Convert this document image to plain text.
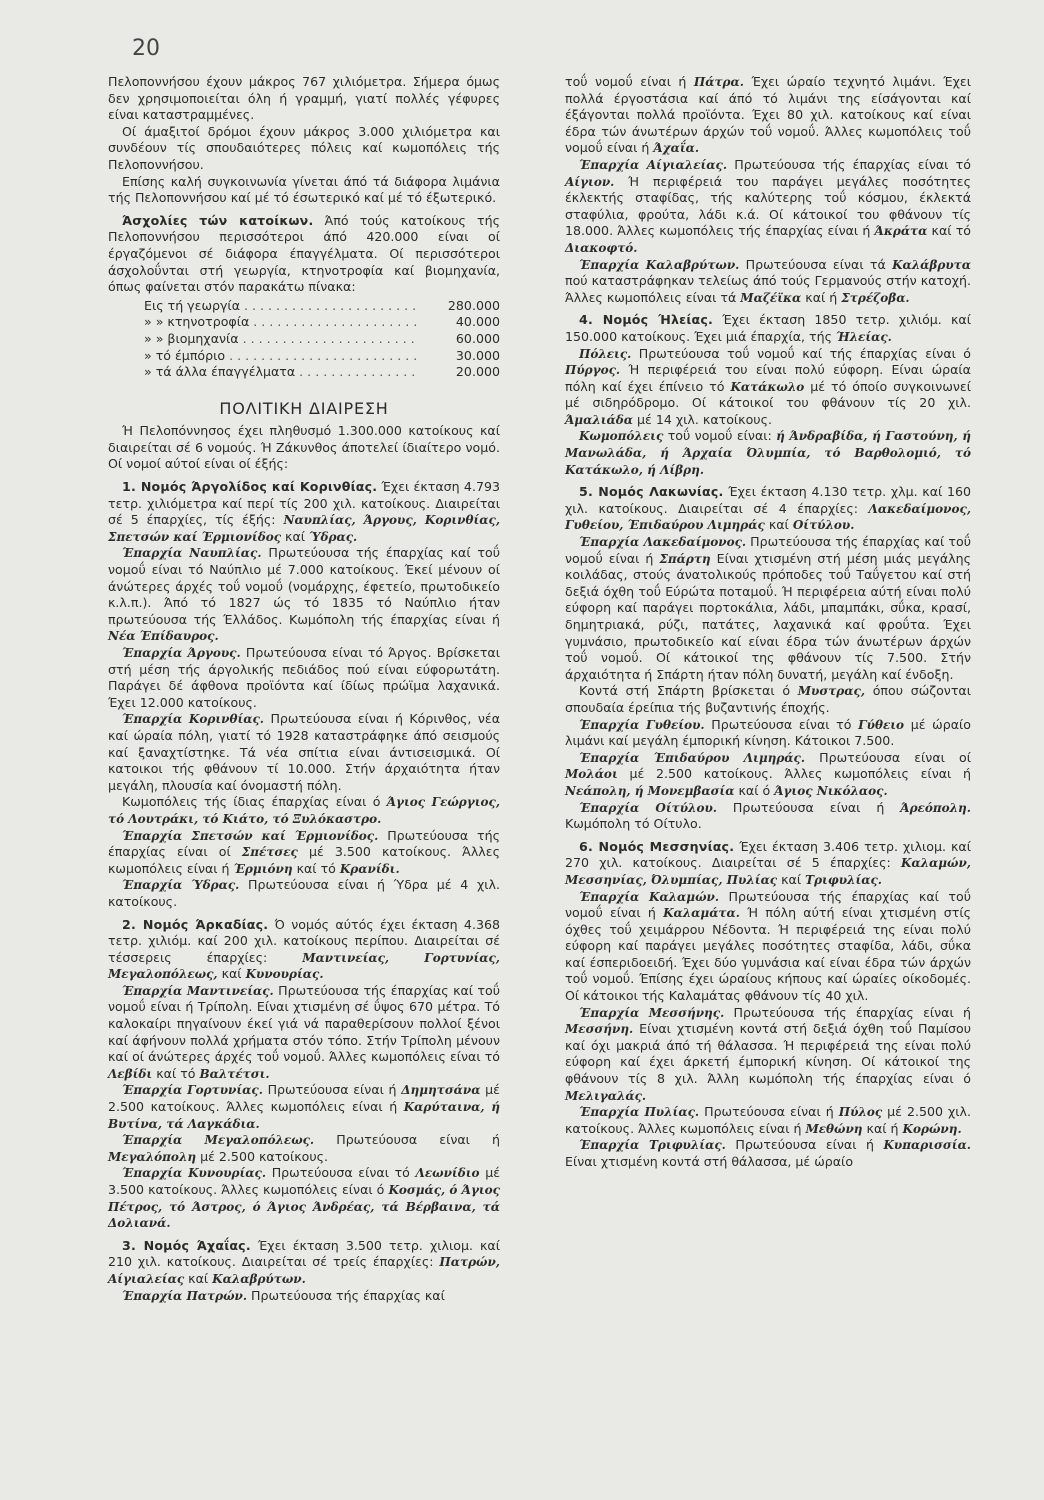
20

Πελοποννήσου έχουν μάκρος 767 χιλιόμετρα. Σήμερα όμως δεν χρησιμοποιείται όλη ή γραμμή, γιατί πολλές γέφυρες είναι καταστραμμένες.

Οί άμαξιτοί δρόμοι έχουν μάκρος 3.000 χιλιόμετρα και συνδέουν τίς σπουδαιότερες πόλεις καί κωμοπόλεις τής Πελοποννήσου.

Επίσης καλή συγκοινωνία γίνεται άπό τά διάφορα λιμάνια τής Πελοποννήσου καί μέ τό έσωτερικό καί μέ τό έξωτερικό.

Άσχολίες τών κατοίκων. Άπό τούς κατοίκους τής Πελοποννήσου περισσότεροι άπό 420.000 είναι οί έργαζόμενοι σέ διάφορα έπαγγέλματα. Οί περισσότεροι άσχολοΰνται στή γεωργία, κτηνοτροφία καί βιομηχανία, όπως φαίνεται στόν παρακάτω πίνακα:

Εις τή γεωργία . . .	280.000
» » κτηνοτροφία . . .	40.000
» » βιομηχανία . . .	60.000
» τό έμπόριο . . .	30.000
» τά άλλα έπαγγέλματα . . .	20.000

ΠΟΛΙΤΙΚΗ ΔΙΑΙΡΕΣΗ

Ή Πελοπόννησος έχει πληθυσμό 1.300.000 κατοίκους καί διαιρείται σέ 6 νομούς. Ή Ζάκυνθος άποτελεί ίδιαίτερο νομό. Οί νομοί αύτοί είναι οί έξής:

1. Νομός Άργολίδος καί Κορινθίας. Έχει έκταση 4.793 τετρ. χιλιόμετρα καί περί τίς 200 χιλ. κατοίκους. Διαιρείται σέ 5 έπαρχίες, τίς έξής: Ναυπλίας, Άργους, Κορινθίας, Σπετσών καί Έρμιονίδος καί Ύδρας.

Έπαρχία Ναυπλίας. Πρωτεύουσα τής έπαρχίας καί τοΰ νομοΰ είναι τό Ναύπλιο μέ 7.000 κατοίκους. Έκεί μένουν οί άνώτερες άρχές τοΰ νομοΰ (νομάρχης, έφετείο, πρωτοδικείο κ.λ.π.). Άπό τό 1827 ώς τό 1835 τό Ναύπλιο ήταν πρωτεύουσα τής Έλλάδος. Κωμόπολη τής έπαρχίας είναι ή Νέα Έπίδαυρος.

Έπαρχία Άργους. Πρωτεύουσα είναι τό Άργος. Βρίσκεται στή μέση τής άργολικής πεδιάδος πού είναι εύφορωτάτη. Παράγει δέ άφθονα προϊόντα καί ίδίως πρώϊμα λαχανικά. Έχει 12.000 κατοίκους.

Έπαρχία Κορινθίας. Πρωτεύουσα είναι ή Κόρινθος, νέα καί ώραία πόλη, γιατί τό 1928 καταστράφηκε άπό σεισμούς καί ξαναχτίστηκε. Τά νέα σπίτια είναι άντισεισμικά. Οί κατοικοι τής φθάνουν τί 10.000. Στήν άρχαιότητα ήταν μεγάλη, πλουσία καί όνομαστή πόλη.

Κωμοπόλεις τής ίδιας έπαρχίας είναι ό Άγιος Γεώργιος, τό Λουτράκι, τό Κιάτο, τό Ξυλόκαστρο.

Έπαρχία Σπετσών καί Έρμιονίδος. Πρωτεύουσα τής έπαρχίας είναι οί Σπέτσες μέ 3.500 κατοίκους. Άλλες κωμοπόλεις είναι ή Έρμιόνη καί τό Κρανίδι.

Έπαρχία Ύδρας. Πρωτεύουσα είναι ή Ύδρα μέ 4 χιλ. κατοίκους.

2. Νομός Άρκαδίας. Ό νομός αύτός έχει έκταση 4.368 τετρ. χιλιόμ. καί 200 χιλ. κατοίκους περίπου. Διαιρείται σέ τέσσερεις έπαρχίες:	Μαντινείας, Γορτυνίας, Μεγαλοπόλεως, καί Κυνουρίας.

Έπαρχία Μαντινείας. Πρωτεύουσα τής έπαρχίας καί τοΰ νομοΰ είναι ή Τρίπολη. Είναι χτισμένη σέ ΰψος 670 μέτρα. Τό καλοκαίρι πηγαίνουν έκεί γιά νά παραθερίσουν πολλοί ξένοι καί άφήνουν πολλά χρήματα στόν τόπο. Στήν Τρίπολη μένουν καί οί άνώτερες άρχές τοΰ νομοΰ. Άλλες κωμοπόλεις είναι τό Λεβίδι καί τό Βαλτέτσι.

Έπαρχία Γορτυνίας. Πρωτεύουσα είναι ή Δημητσάνα μέ 2.500 κατοίκους. Άλλες κωμοπόλεις είναι ή Καρύταινα, ή Βυτίνα, τά Λαγκάδια.

Έπαρχία Μεγαλοπόλεως. Πρωτεύουσα είναι ή Μεγαλόπολη μέ 2.500 κατοίκους.

Έπαρχία Κυνουρίας. Πρωτεύουσα είναι τό Λεωνίδιο μέ 3.500 κατοίκους. Άλλες κωμοπόλεις είναι ό Κοσμάς, ό Άγιος Πέτρος, τό Άστρος, ό Άγιος Άνδρέας, τά Βέρβαινα, τά Δολιανά.

3. Νομός Άχαΐας. Έχει έκταση 3.500 τετρ. χιλιομ. καί 210 χιλ. κατοίκους. Διαιρείται σέ τρείς έπαρχίες: Πατρών, Αίγιαλείας καί Καλαβρύτων.

Έπαρχία Πατρών. Πρωτεύουσα τής έπαρχίας καί

τοΰ νομοΰ είναι ή Πάτρα. Έχει ώραίο τεχνητό λιμάνι. Έχει πολλά έργοστάσια καί άπό τό λιμάνι της είσάγονται καί έξάγονται πολλά προϊόντα. Έχει 80 χιλ. κατοίκους καί είναι έδρα τών άνωτέρων άρχών τοΰ νομοΰ. Άλλες κωμοπόλεις τοΰ νομοΰ είναι ή Άχαΐα.

Έπαρχία Αίγιαλείας. Πρωτεύουσα τής έπαρχίας είναι τό Αίγιον. Ή περιφέρειά του παράγει μεγάλες ποσότητες έκλεκτής σταφίδας, τής καλύτερης τοΰ κόσμου, έκλεκτά σταφύλια, φρούτα, λάδι κ.ά. Οί κάτοικοί του φθάνουν τίς 18.000. Άλλες κωμοπόλεις τής έπαρχίας είναι ή Άκράτα καί τό Διακοφτό.

Έπαρχία Καλαβρύτων. Πρωτεύουσα είναι τά Καλάβρυτα πού καταστράφηκαν τελείως άπό τούς Γερμανούς στήν κατοχή. Άλλες κωμοπόλεις είναι τά Μαζέϊκα καί ή Στρέζοβα.

4. Νομός Ήλείας. Έχει έκταση 1850 τετρ. χιλιόμ. καί 150.000 κατοίκους. Έχει μιά έπαρχία, τής Ήλείας.

Πόλεις. Πρωτεύουσα τοΰ νομοΰ καί τής έπαρχίας είναι ό Πύργος. Ή περιφέρειά του είναι πολύ εύφορη. Είναι ώραία πόλη καί έχει έπίνειο τό Κατάκωλο μέ τό όποίο συγκοινωνεί μέ σιδηρόδρομο. Οί κάτοικοί του φθάνουν τίς 20 χιλ. Άμαλιάδα μέ 14 χιλ. κατοίκους.

Κωμοπόλεις τοΰ νομοΰ είναι: ή Άνδραβίδα, ή Γαστούνη, ή Μανωλάδα, ή Άρχαία Όλυμπία, τό Βαρθολομιό, τό Κατάκωλο, ή Λίβρη.

5. Νομός Λακωνίας. Έχει έκταση 4.130 τετρ. χλμ. καί 160 χιλ. κατοίκους. Διαιρείται σέ 4 έπαρχίες: Λακεδαίμονος, Γυθείου, Έπιδαύρου Λιμηράς καί Οίτύλου.

Έπαρχία Λακεδαίμονος. Πρωτεύουσα τής έπαρχίας καί τοΰ νομοΰ είναι ή Σπάρτη Είναι χτισμένη στή μέση μιάς μεγάλης κοιλάδας, στούς άνατολικούς πρόποδες τοΰ Ταΰγετου καί στή δεξιά όχθη τοΰ Εύρώτα ποταμοΰ. Ή περιφέρεια αύτή είναι πολύ εύφορη καί παράγει πορτοκάλια, λάδι, μπαμπάκι, σΰκα, κρασί, δημητριακά, ρύζι, πατάτες, λαχανικά καί φροΰτα. Έχει γυμνάσιο, πρωτοδικείο καί είναι έδρα τών άνωτέρων άρχών τοΰ νομοΰ. Οί κάτοικοί της φθάνουν τίς 7.500. Στήν άρχαιότητα ή Σπάρτη ήταν πόλη δυνατή, μεγάλη καί ένδοξη.

Κοντά στή Σπάρτη βρίσκεται ό Μυστρας, όπου σώζονται σπουδαία έρείπια τής βυζαντινής έποχής.

Έπαρχία Γυθείου. Πρωτεύουσα είναι τό Γύθειο μέ ώραίο λιμάνι καί μεγάλη έμπορική κίνηση. Κάτοικοι 7.500.

Έπαρχία Έπιδαύρου Λιμηράς. Πρωτεύουσα είναι οί Μολάοι μέ 2.500 κατοίκους. Άλλες κωμοπόλεις είναι ή Νεάπολη, ή Μονεμβασία καί ό Άγιος Νικόλαος.

Έπαρχία Οίτύλου. Πρωτεύουσα είναι ή Άρεόπολη. Κωμόπολη τό Οίτυλο.

6. Νομός Μεσσηνίας. Έχει έκταση 3.406 τετρ. χιλιομ. καί 270 χιλ. κατοίκους. Διαιρείται σέ 5 έπαρχίες: Καλαμών, Μεσσηνίας, Όλυμπίας, Πυλίας καί Τριφυλίας.

Έπαρχία Καλαμών. Πρωτεύουσα τής έπαρχίας καί τοΰ νομοΰ είναι ή Καλαμάτα. Ή πόλη αύτή είναι χτισμένη στίς όχθες τοΰ χειμάρρου Νέδοντα. Ή περιφέρειά της είναι πολύ εύφορη καί παράγει μεγάλες ποσότητες σταφίδα, λάδι, σΰκα καί έσπεριδοειδή. Έχει δύο γυμνάσια καί είναι έδρα τών άρχών τοΰ νομοΰ. Έπίσης έχει ώραίους κήπους καί ώραίες οίκοδομές. Οί κάτοικοι τής Καλαμάτας φθάνουν τίς 40 χιλ.

Έπαρχία Μεσσήνης. Πρωτεύουσα τής έπαρχίας είναι ή Μεσσήνη. Είναι χτισμένη κοντά στή δεξιά όχθη τοΰ Παμίσου καί όχι μακριά άπό τή θάλασσα. Ή περιφέρειά της είναι πολύ εύφορη καί έχει άρκετή έμπορική κίνηση. Οί κάτοικοί της φθάνουν τίς 8 χιλ. Άλλη κωμόπολη τής έπαρχίας είναι ό Μελιγαλάς.

Έπαρχία Πυλίας. Πρωτεύουσα είναι ή Πύλος μέ 2.500 χιλ. κατοίκους. Άλλες κωμοπόλεις είναι ή Μεθώνη καί ή Κορώνη.

Έπαρχία Τριφυλίας. Πρωτεύουσα είναι ή Κυπαρισσία. Είναι χτισμένη κοντά στή θάλασσα, μέ ώραίο
